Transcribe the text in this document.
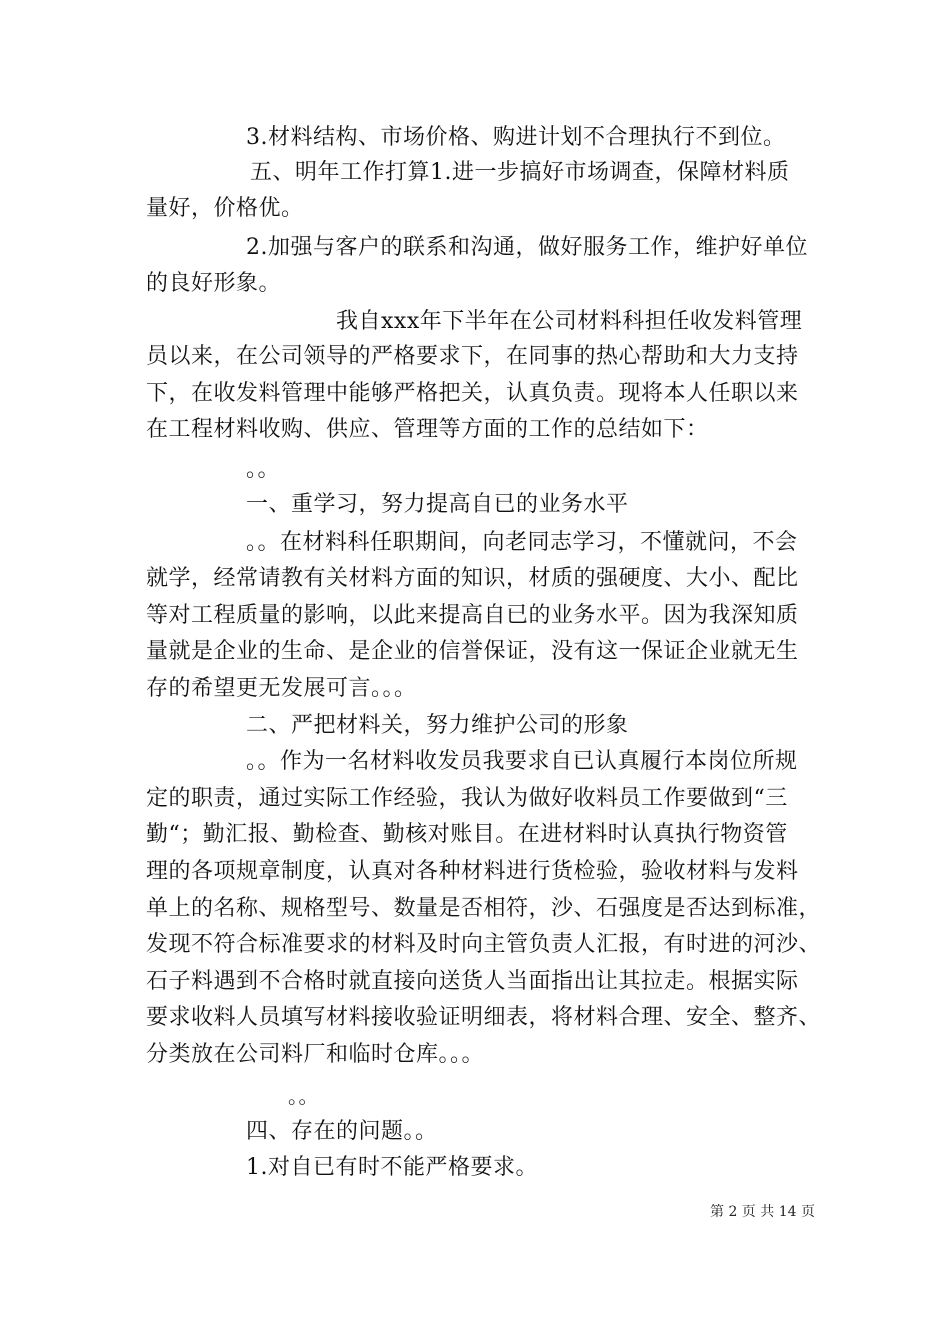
3.材料结构、市场价格、购进计划不合理执行不到位。
五、明年工作打算1.进一步搞好市场调查，保障材料质
量好，价格优。
2.加强与客户的联系和沟通，做好服务工作，维护好单位
的良好形象。
我自xxx年下半年在公司材料科担任收发料管理
员以来，在公司领导的严格要求下，在同事的热心帮助和大力支持
下，在收发料管理中能够严格把关，认真负责。现将本人任职以来
在工程材料收购、供应、管理等方面的工作的总结如下：
。。
一、重学习，努力提高自已的业务水平
。。在材料科任职期间，向老同志学习，不懂就问，不会
就学，经常请教有关材料方面的知识，材质的强硬度、大小、配比
等对工程质量的影响，以此来提高自已的业务水平。因为我深知质
量就是企业的生命、是企业的信誉保证，没有这一保证企业就无生
存的希望更无发展可言。。。
二、严把材料关，努力维护公司的形象
。。作为一名材料收发员我要求自已认真履行本岗位所规
定的职责，通过实际工作经验，我认为做好收料员工作要做到“三
勤“；勤汇报、勤检查、勤核对账目。在进材料时认真执行物资管
理的各项规章制度，认真对各种材料进行货检验，验收材料与发料
单上的名称、规格型号、数量是否相符，沙、石强度是否达到标准，
发现不符合标准要求的材料及时向主管负责人汇报，有时进的河沙、
石子料遇到不合格时就直接向送货人当面指出让其拉走。根据实际
要求收料人员填写材料接收验证明细表，将材料合理、安全、整齐、
分类放在公司料厂和临时仓库。。。
。。
四、存在的问题。。
1.对自已有时不能严格要求。
第 2 页 共 14 页
